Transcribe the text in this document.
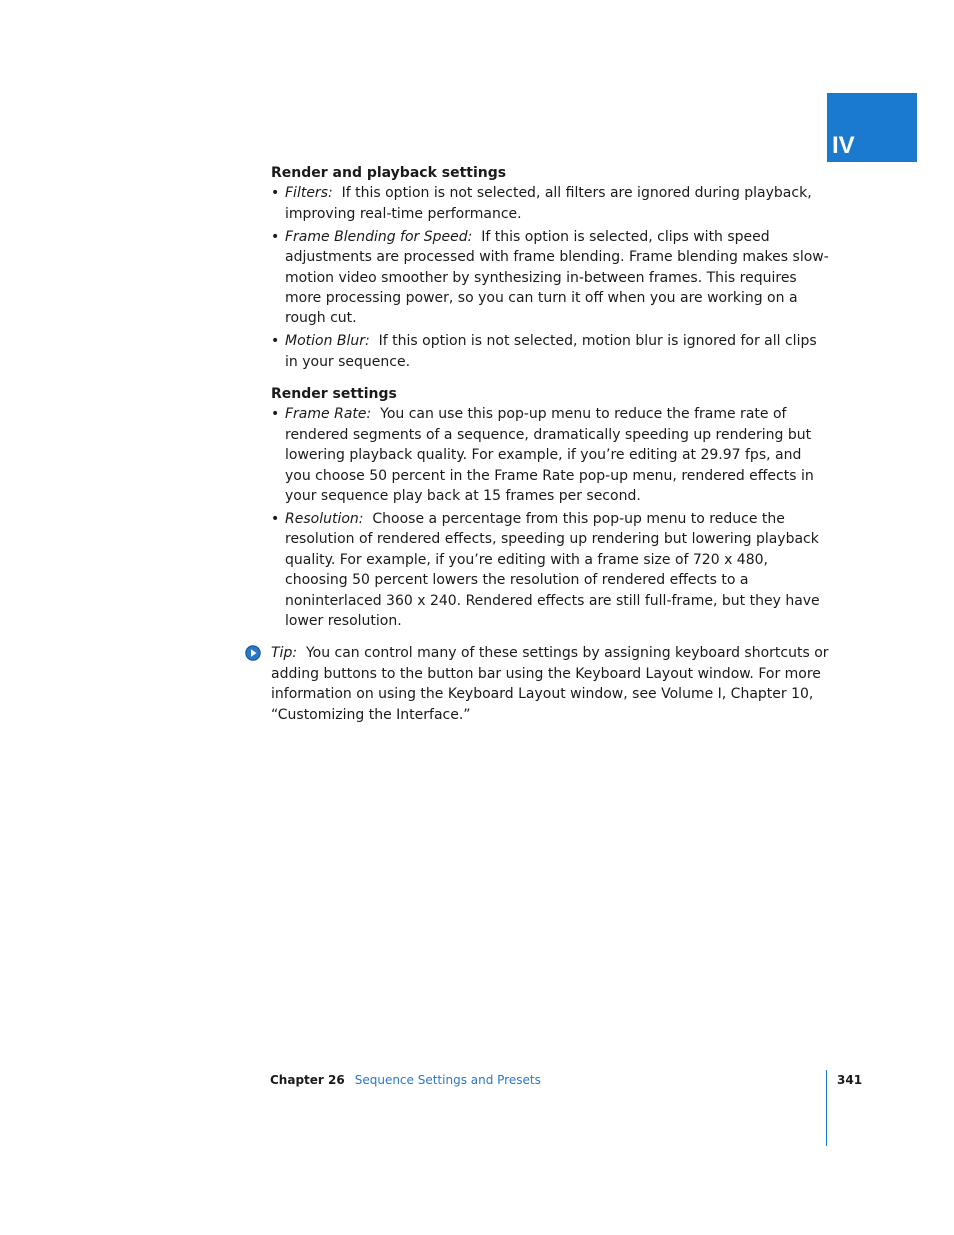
IV

Render and playback settings

• Filters: If this option is not selected, all filters are ignored during playback, improving real-time performance.
• Frame Blending for Speed: If this option is selected, clips with speed adjustments are processed with frame blending. Frame blending makes slow-motion video smoother by synthesizing in-between frames. This requires more processing power, so you can turn it off when you are working on a rough cut.
• Motion Blur: If this option is not selected, motion blur is ignored for all clips in your sequence.

Render settings

• Frame Rate: You can use this pop-up menu to reduce the frame rate of rendered segments of a sequence, dramatically speeding up rendering but lowering playback quality. For example, if you’re editing at 29.97 fps, and you choose 50 percent in the Frame Rate pop-up menu, rendered effects in your sequence play back at 15 frames per second.
• Resolution: Choose a percentage from this pop-up menu to reduce the resolution of rendered effects, speeding up rendering but lowering playback quality. For example, if you’re editing with a frame size of 720 x 480, choosing 50 percent lowers the resolution of rendered effects to a noninterlaced 360 x 240. Rendered effects are still full-frame, but they have lower resolution.
Tip: You can control many of these settings by assigning keyboard shortcuts or adding buttons to the button bar using the Keyboard Layout window. For more information on using the Keyboard Layout window, see Volume I, Chapter 10, “Customizing the Interface.”
Chapter 26 Sequence Settings and Presets	341
